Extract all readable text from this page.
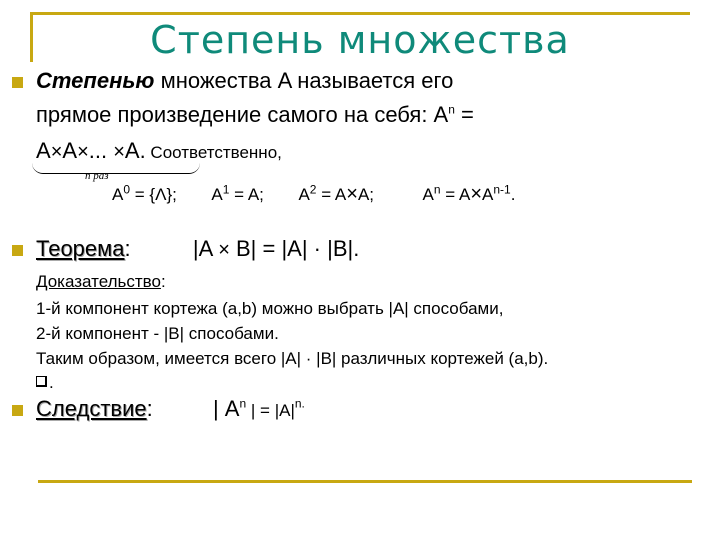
Степень множества
Степенью множества A называется его
прямое произведение самого на себя: $A^n$ =
A×A×... ×A. Соответственно,
n раз
$A^0 = \{\Lambda\}$; $A^1 = A$; $A^2 = A\times A$;	$A^n = A\times A^{n-1}$.
Теорема:	|A × B| = |A| · |B|.
Доказательство:
1-й компонент кортежа (a,b) можно выбрать |A| способами,
2-й компонент - |B| способами.
Таким образом, имеется всего |A| · |B| различных кортежей (a,b).
.
Следствие:	| $A^n$ | = $|A|^{n.}$
